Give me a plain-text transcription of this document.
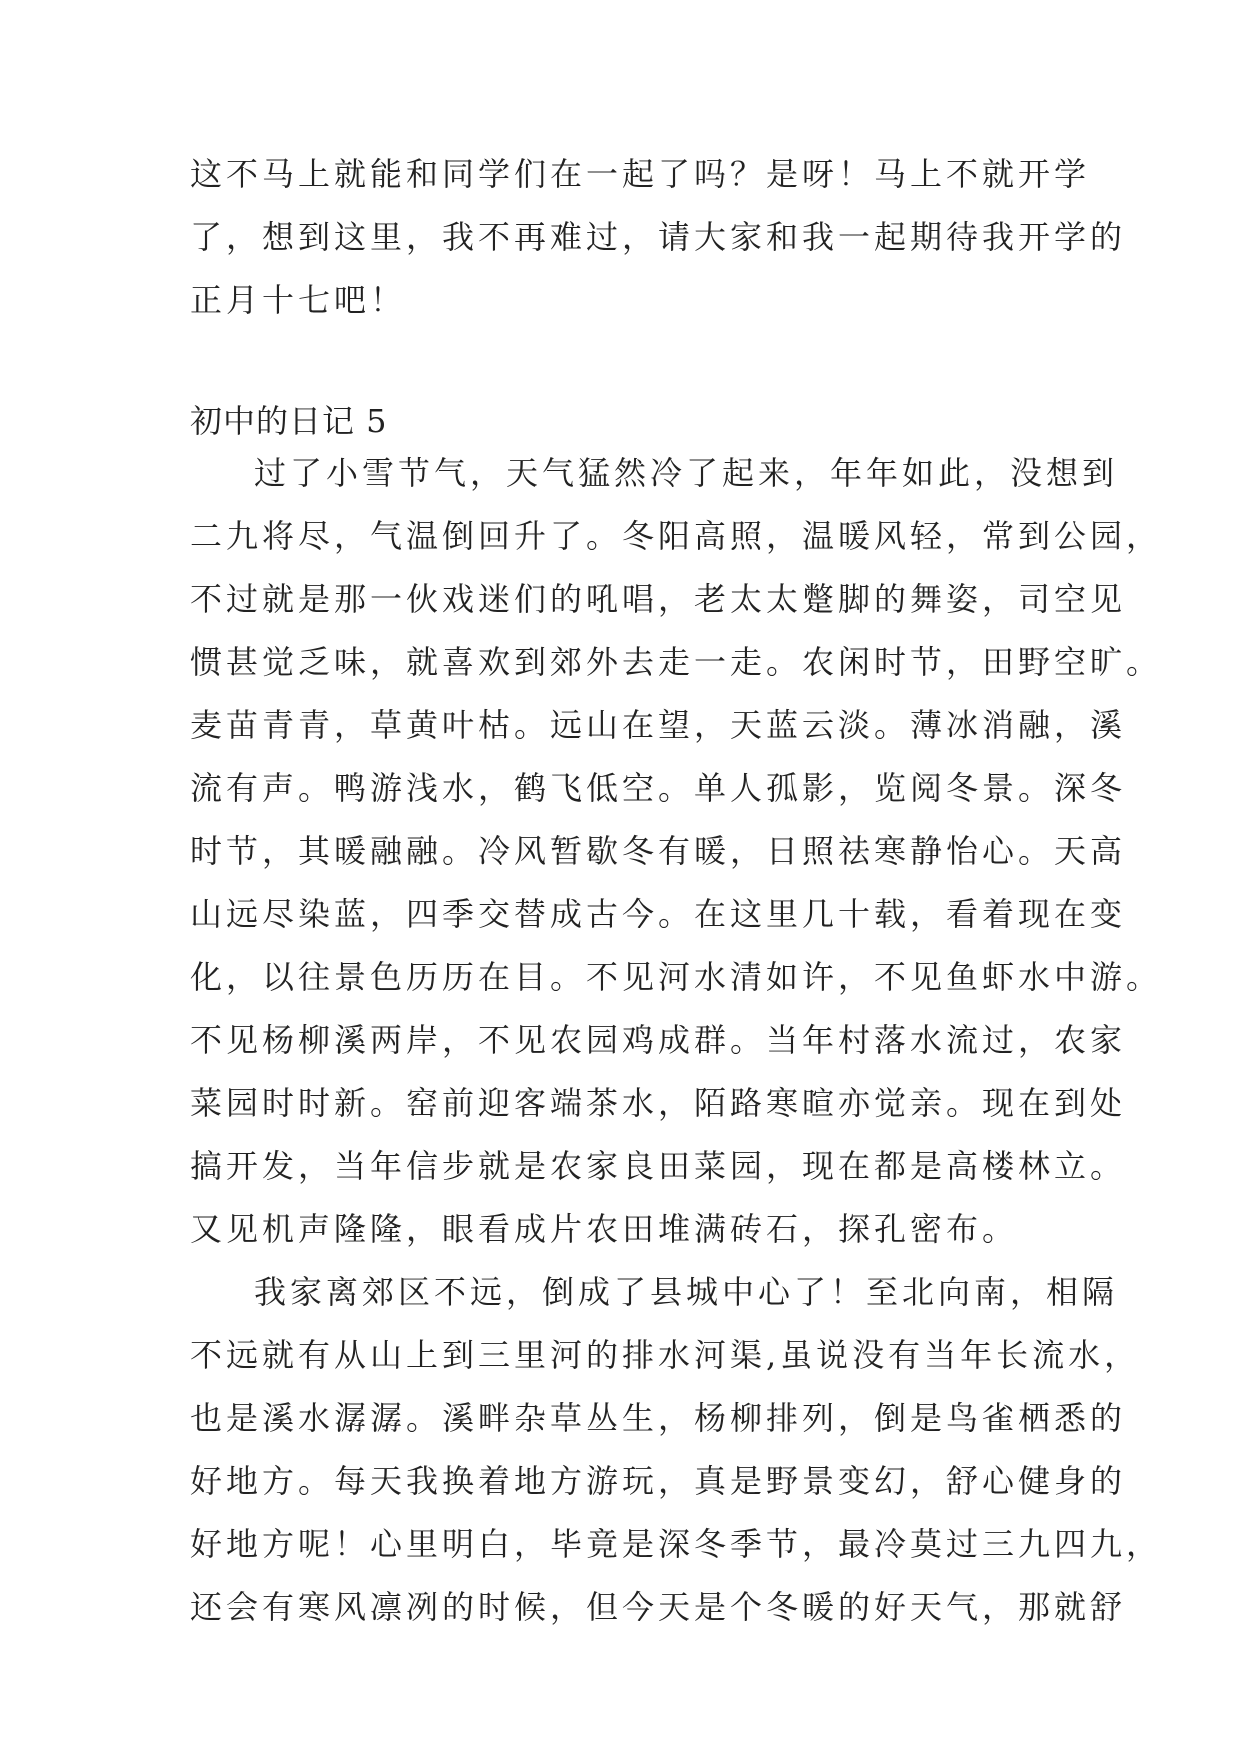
这不马上就能和同学们在一起了吗？是呀！马上不就开学
了，想到这里，我不再难过，请大家和我一起期待我开学的
正月十七吧！
初中的日记 5
过了小雪节气，天气猛然冷了起来，年年如此，没想到
二九将尽，气温倒回升了。冬阳高照，温暖风轻，常到公园，
不过就是那一伙戏迷们的吼唱，老太太蹩脚的舞姿，司空见
惯甚觉乏味，就喜欢到郊外去走一走。农闲时节，田野空旷。
麦苗青青，草黄叶枯。远山在望，天蓝云淡。薄冰消融，溪
流有声。鸭游浅水，鹤飞低空。单人孤影，览阅冬景。深冬
时节，其暖融融。冷风暂歇冬有暖，日照祛寒静怡心。天高
山远尽染蓝，四季交替成古今。在这里几十载，看着现在变
化，以往景色历历在目。不见河水清如许，不见鱼虾水中游。
不见杨柳溪两岸，不见农园鸡成群。当年村落水流过，农家
菜园时时新。窑前迎客端茶水，陌路寒暄亦觉亲。现在到处
搞开发，当年信步就是农家良田菜园，现在都是高楼林立。
又见机声隆隆，眼看成片农田堆满砖石，探孔密布。
我家离郊区不远，倒成了县城中心了！至北向南，相隔
不远就有从山上到三里河的排水河渠,虽说没有当年长流水，
也是溪水潺潺。溪畔杂草丛生，杨柳排列，倒是鸟雀栖悉的
好地方。每天我换着地方游玩，真是野景变幻，舒心健身的
好地方呢！心里明白，毕竟是深冬季节，最冷莫过三九四九，
还会有寒风凛冽的时候，但今天是个冬暖的好天气，那就舒
